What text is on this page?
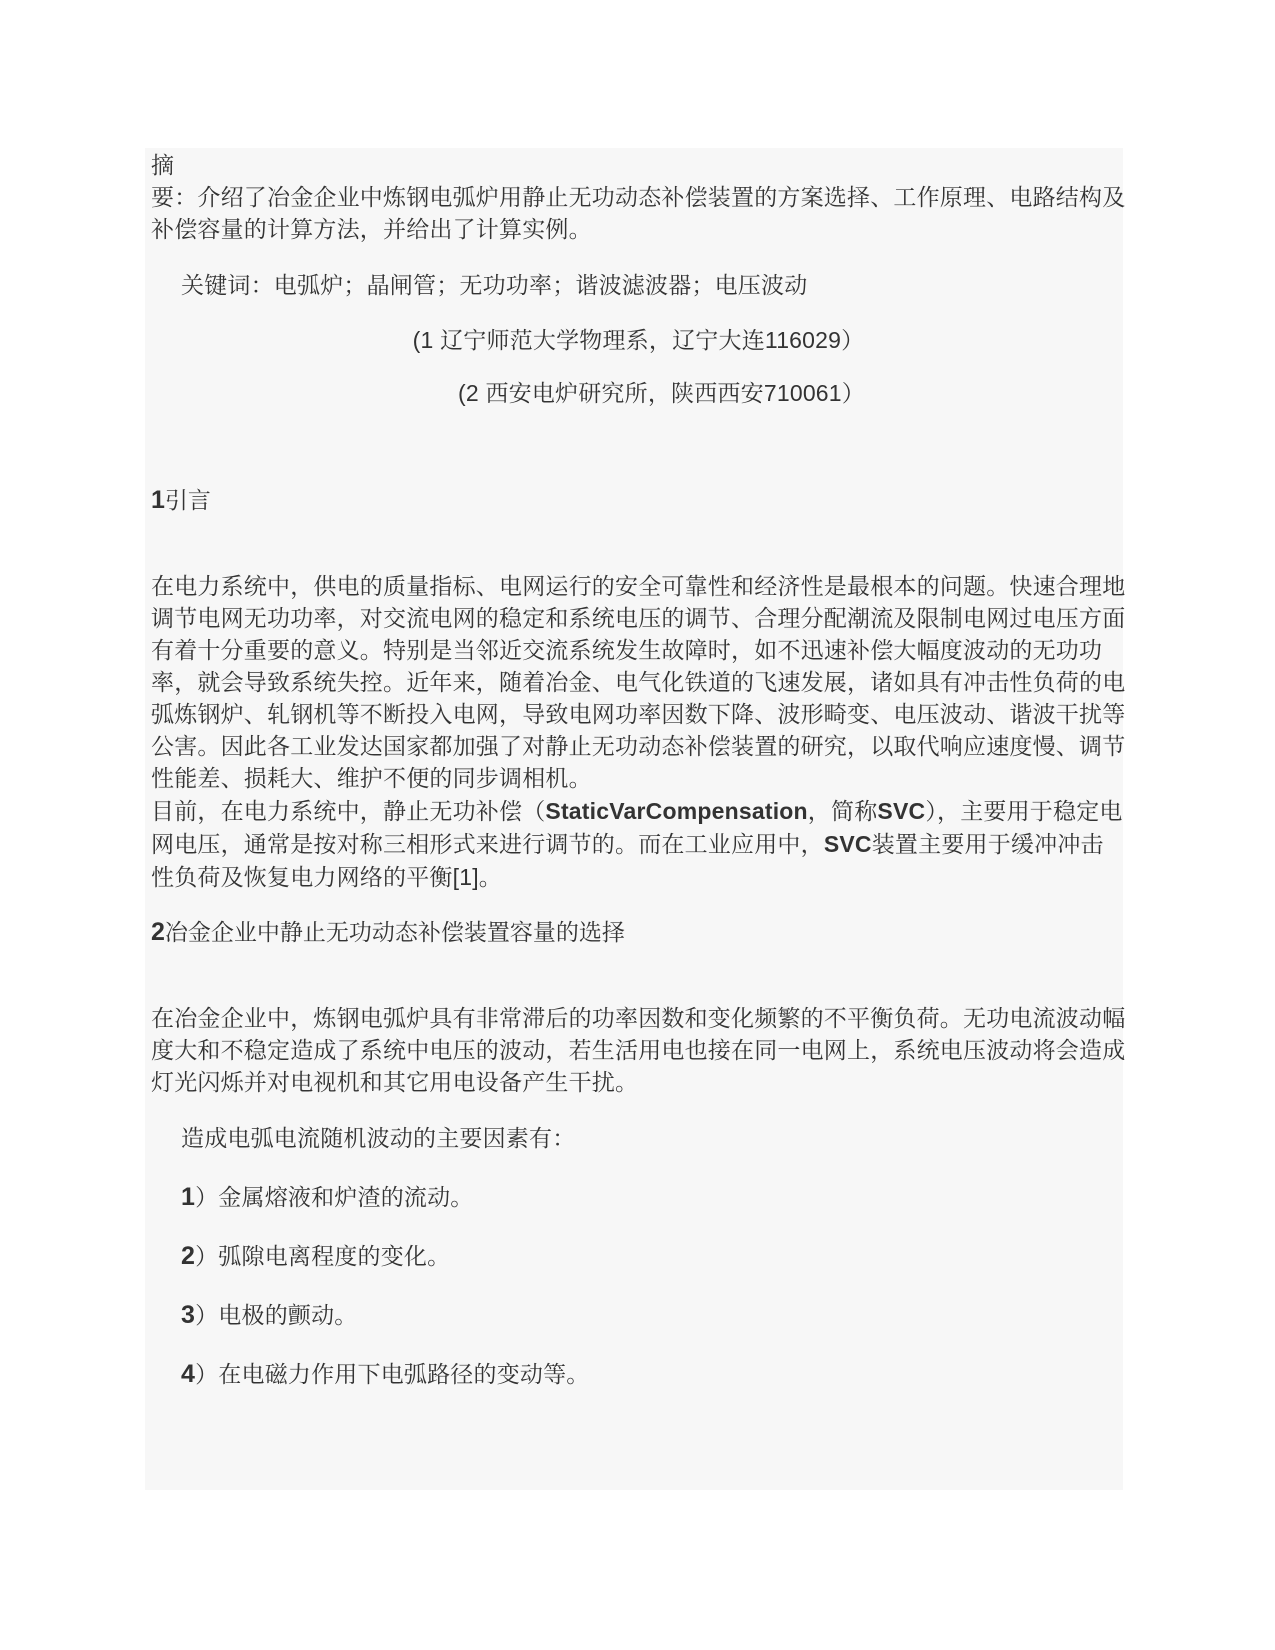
摘

要：介绍了冶金企业中炼钢电弧炉用静止无功动态补偿装置的方案选择、工作原理、电路结构及补偿容量的计算方法，并给出了计算实例。

关键词：电弧炉；晶闸管；无功功率；谐波滤波器；电压波动

(1 辽宁师范大学物理系，辽宁大连116029）

(2 西安电炉研究所，陕西西安710061）

1引言

在电力系统中，供电的质量指标、电网运行的安全可靠性和经济性是最根本的问题。快速合理地调节电网无功功率，对交流电网的稳定和系统电压的调节、合理分配潮流及限制电网过电压方面有着十分重要的意义。特别是当邻近交流系统发生故障时，如不迅速补偿大幅度波动的无功功率，就会导致系统失控。近年来，随着冶金、电气化铁道的飞速发展，诸如具有冲击性负荷的电弧炼钢炉、轧钢机等不断投入电网，导致电网功率因数下降、波形畸变、电压波动、谐波干扰等公害。因此各工业发达国家都加强了对静止无功动态补偿装置的研究，以取代响应速度慢、调节性能差、损耗大、维护不便的同步调相机。

目前，在电力系统中，静止无功补偿（StaticVarCompensation，简称SVC），主要用于稳定电网电压，通常是按对称三相形式来进行调节的。而在工业应用中，SVC装置主要用于缓冲冲击性负荷及恢复电力网络的平衡[1]。

2冶金企业中静止无功动态补偿装置容量的选择

在冶金企业中，炼钢电弧炉具有非常滞后的功率因数和变化频繁的不平衡负荷。无功电流波动幅度大和不稳定造成了系统中电压的波动，若生活用电也接在同一电网上，系统电压波动将会造成灯光闪烁并对电视机和其它用电设备产生干扰。

造成电弧电流随机波动的主要因素有：

1）金属熔液和炉渣的流动。

2）弧隙电离程度的变化。

3）电极的颤动。

4）在电磁力作用下电弧路径的变动等。
